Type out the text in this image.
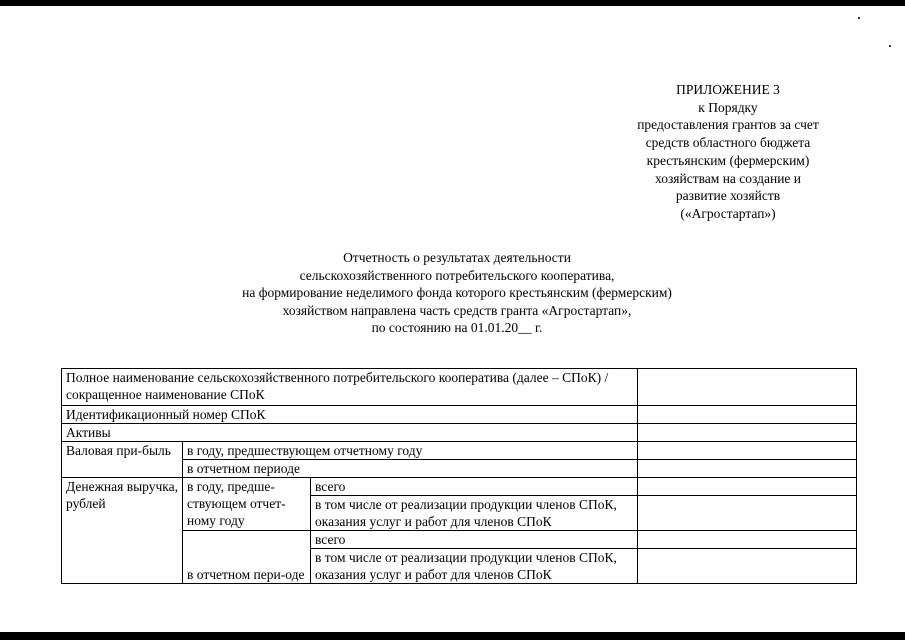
ПРИЛОЖЕНИЕ 3
к Порядку
предоставления грантов за счет
средств областного бюджета
крестьянским (фермерским)
хозяйствам на создание и
развитие хозяйств
(«Агростартап»)
Отчетность о результатах деятельности
сельскохозяйственного потребительского кооператива,
на формирование неделимого фонда которого крестьянским (фермерским)
хозяйством направлена часть средств гранта «Агростартап»,
по состоянию на 01.01.20__ г.
Полное наименование сельскохозяйственного потребительского кооператива (далее – СПоК) /сокращенное наименование СПоК			
Идентификационный номер СПоК			
Активы			
Валовая при-быль	в году, предшествующем отчетному году		
	в отчетном периоде		
Денежная выручка, рублей	в году, предше-ствующем отчет-ному году	всего	
		в том числе от реализации продукции членов СПоК, оказания услуг и работ для членов СПоК	
	в отчетном пери-оде	всего	
		в том числе от реализации продукции членов СПоК, оказания услуг и работ для членов СПоК	
